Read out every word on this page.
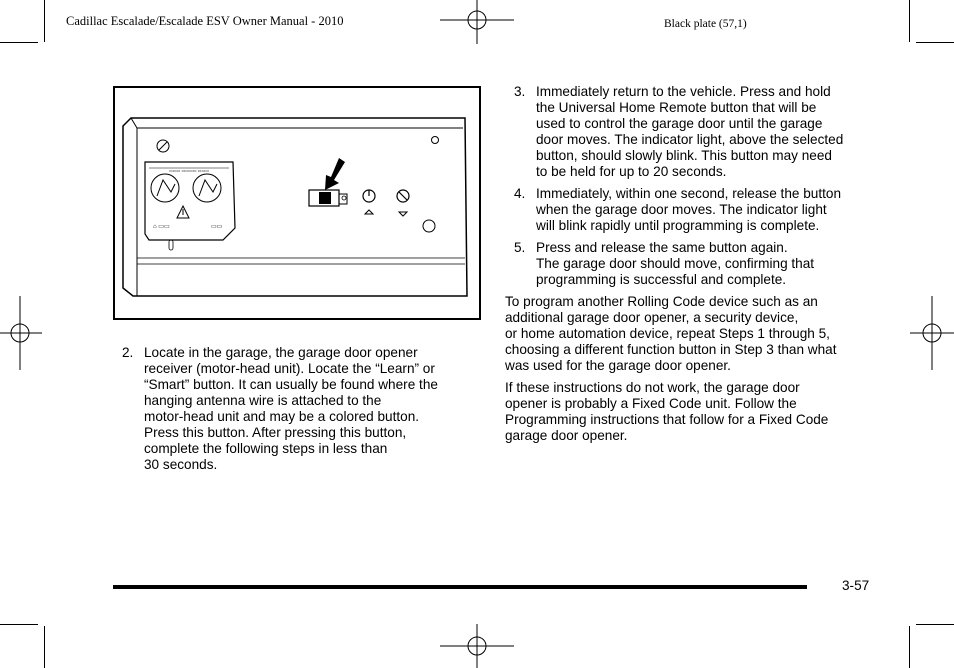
Cadillac Escalade/Escalade ESV Owner Manual - 2010	Black plate (57,1)
▭▭▭ ▭▭▭▭ ▭▭▭
⌂ ▭▭	▭▭
2. Locate in the garage, the garage door opener
receiver (motor-head unit). Locate the “Learn” or
“Smart” button. It can usually be found where the
hanging antenna wire is attached to the
motor-head unit and may be a colored button.
Press this button. After pressing this button,
complete the following steps in less than
30 seconds.
3. Immediately return to the vehicle. Press and hold
the Universal Home Remote button that will be
used to control the garage door until the garage
door moves. The indicator light, above the selected
button, should slowly blink. This button may need
to be held for up to 20 seconds.
4. Immediately, within one second, release the button
when the garage door moves. The indicator light
will blink rapidly until programming is complete.
5. Press and release the same button again.
The garage door should move, confirming that
programming is successful and complete.
To program another Rolling Code device such as an
additional garage door opener, a security device,
or home automation device, repeat Steps 1 through 5,
choosing a different function button in Step 3 than what
was used for the garage door opener.
If these instructions do not work, the garage door
opener is probably a Fixed Code unit. Follow the
Programming instructions that follow for a Fixed Code
garage door opener.
3-57
